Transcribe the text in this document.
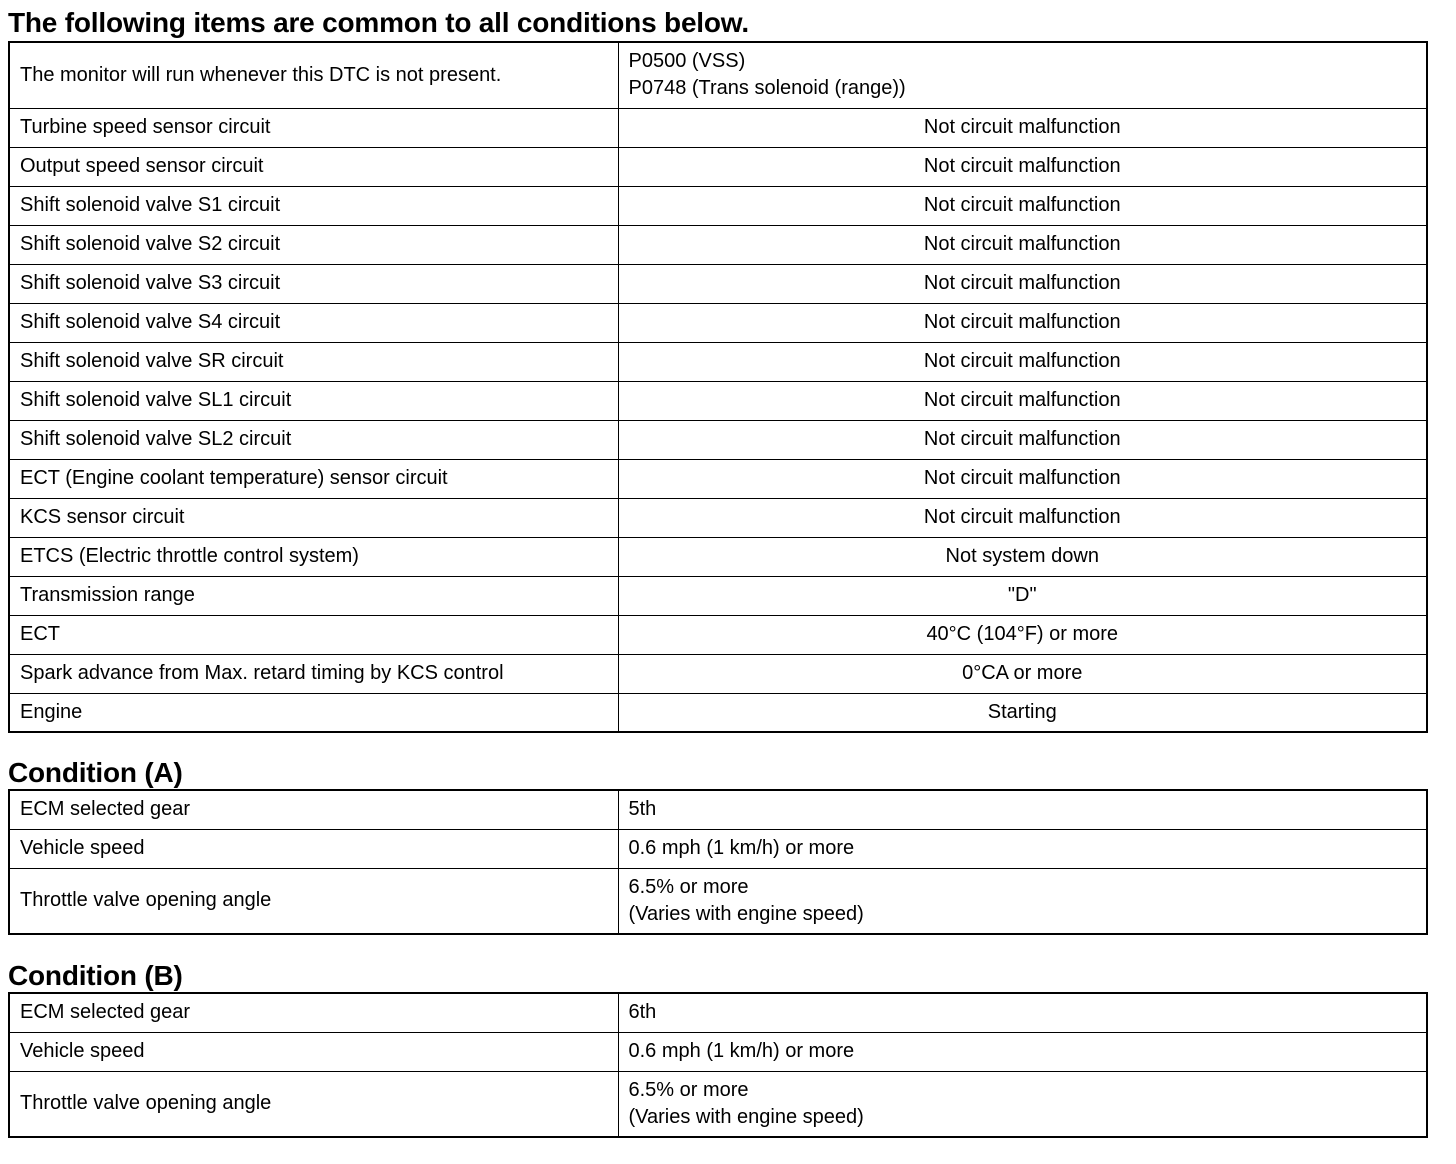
The following items are common to all conditions below.
The monitor will run whenever this DTC is not present.	P0500 (VSS)
P0748 (Trans solenoid (range))

Turbine speed sensor circuit	Not circuit malfunction
Output speed sensor circuit	Not circuit malfunction
Shift solenoid valve S1 circuit	Not circuit malfunction
Shift solenoid valve S2 circuit	Not circuit malfunction
Shift solenoid valve S3 circuit	Not circuit malfunction
Shift solenoid valve S4 circuit	Not circuit malfunction
Shift solenoid valve SR circuit	Not circuit malfunction
Shift solenoid valve SL1 circuit	Not circuit malfunction
Shift solenoid valve SL2 circuit	Not circuit malfunction
ECT (Engine coolant temperature) sensor circuit	Not circuit malfunction
KCS sensor circuit	Not circuit malfunction
ETCS (Electric throttle control system)	Not system down
Transmission range	"D"
ECT	40°C (104°F) or more
Spark advance from Max. retard timing by KCS control	0°CA or more
Engine	Starting
Condition (A)
ECM selected gear	5th
Vehicle speed	0.6 mph (1 km/h) or more
Throttle valve opening angle	6.5% or more
(Varies with engine speed)
Condition (B)
ECM selected gear	6th
Vehicle speed	0.6 mph (1 km/h) or more
Throttle valve opening angle	6.5% or more
(Varies with engine speed)
